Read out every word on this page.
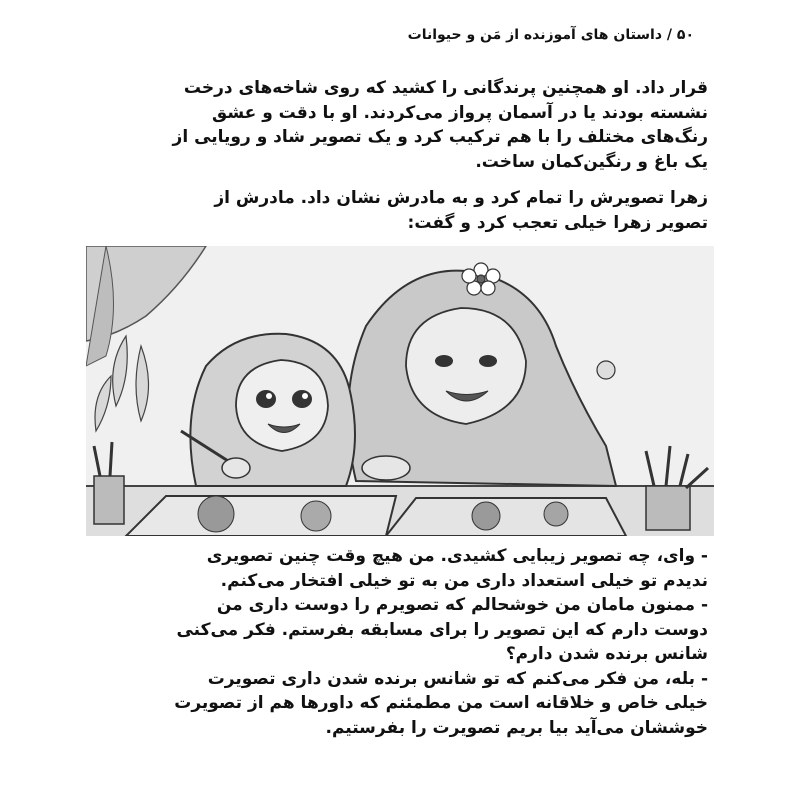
۵۰ / داستان های آموزنده از مَن و حیوانات
قرار داد. او همچنین پرندگانی را کشید که روی شاخه‌های درخت
نشسته بودند یا در آسمان پرواز می‌کردند. او با دقت و عشق
رنگ‌های مختلف را با هم ترکیب کرد و یک تصویر شاد و رویایی از
یک باغ و رنگین‌کمان ساخت.
زهرا تصویرش را تمام کرد و به مادرش نشان داد. مادرش از
تصویر زهرا خیلی تعجب کرد و گفت:
- وای، چه تصویر زیبایی کشیدی. من هیچ وقت چنین تصویری
ندیدم تو خیلی استعداد داری من به تو خیلی افتخار می‌کنم.
- ممنون مامان من خوشحالم که تصویرم را دوست داری من
دوست دارم که این تصویر را برای مسابقه بفرستم. فکر می‌کنی
شانس برنده شدن دارم؟
- بله، من فکر می‌کنم که تو شانس برنده شدن داری تصویرت
خیلی خاص و خلاقانه است من مطمئنم که داورها هم از تصویرت
خوششان می‌آید بیا بریم تصویرت را بفرستیم.
